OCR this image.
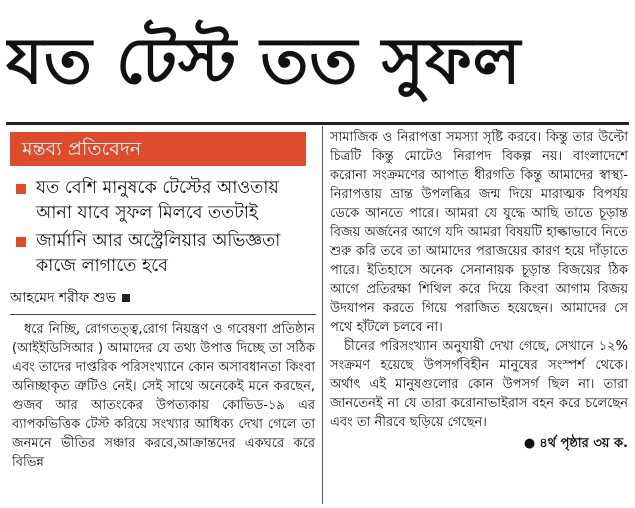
যত টেস্ট তত সুফল
মন্তব্য প্রতিবেদন
যত বেশি মানুষকে টেস্টের আওতায় আনা যাবে সুফল মিলবে ততটাই
জার্মানি আর অস্ট্রেলিয়ার অভিজ্ঞতা কাজে লাগাতে হবে
আহমেদ শরীফ শুভ
ধরে নিচ্ছি, রোগতত্ত্ব,রোগ নিয়ন্ত্রণ ও গবেষণা প্রতিষ্ঠান (আইইডিসিআর ) আমাদের যে তথ্য উপাত্ত দিচ্ছে তা সঠিক এবং তাদের দাপ্তরিক পরিসংখ্যানে কোন অসাবধানতা কিংবা অনিচ্ছাকৃত ত্রুটিও নেই। সেই সাথে অনেকেই মনে করছেন, গুজব আর আতংকের উপত্যকায় কোভিড-১৯ এর ব্যাপকভিত্তিক টেস্ট করিয়ে সংখ্যার আধিক্য দেখা গেলে তা জনমনে ভীতির সঞ্চার করবে,আক্রান্তদের একঘরে করে বিভিন্ন

সামাজিক ও নিরাপত্তা সমস্যা সৃষ্টি করবে। কিন্তু তার উল্টো চিত্রটি কিন্তু মোটেও নিরাপদ বিকল্প নয়। বাংলাদেশে করোনা সংক্রমণের আপাত ধীরগতি কিন্তু আমাদের স্বাস্থ্য-নিরাপত্তায় ভ্রান্ত উপলব্ধির জন্ম দিয়ে মারাত্মক বিপর্যয় ডেকে আনতে পারে। আমরা যে যুদ্ধে আছি তাতে চূড়ান্ত বিজয় অর্জনের আগে যদি আমরা বিষয়টি হাল্কাভাবে নিতে শুরু করি তবে তা আমাদের পরাজয়ের কারণ হয়ে দাঁড়াতে পারে। ইতিহাসে অনেক সেনানায়ক চূড়ান্ত বিজয়ের ঠিক আগে প্রতিরক্ষা শিথিল করে দিয়ে কিংবা আগাম বিজয় উদযাপন করতে গিয়ে পরাজিত হয়েছেন। আমাদের সে পথে হাঁটলে চলবে না।

চীনের পরিসংখ্যান অনুযায়ী দেখা গেছে, সেখানে ১২% সংক্রমণ হয়েছে উপসর্গবিহীন মানুষের সংস্পর্শ থেকে। অর্থাৎ এই মানুষগুলোর কোন উপসর্গ ছিল না। তারা জানতেনই না যে তারা করোনাভাইরাস বহন করে চলেছেন এবং তা নীরবে ছড়িয়ে গেছেন।

● ৪র্থ পৃষ্ঠার ৩য় ক.
